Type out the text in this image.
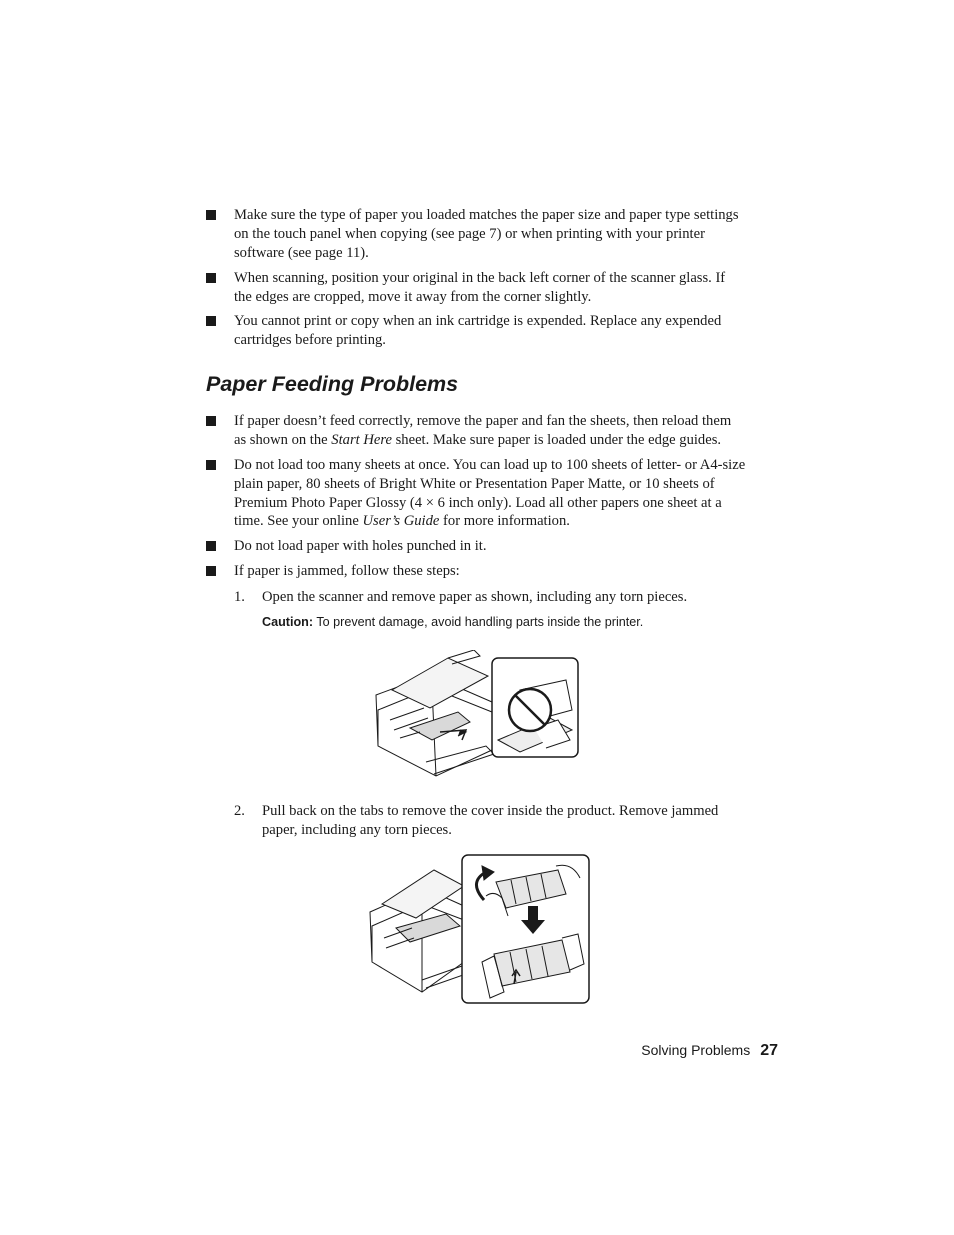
Make sure the type of paper you loaded matches the paper size and paper type settings on the touch panel when copying (see page 7) or when printing with your printer software (see page 11).
When scanning, position your original in the back left corner of the scanner glass. If the edges are cropped, move it away from the corner slightly.
You cannot print or copy when an ink cartridge is expended. Replace any expended cartridges before printing.
Paper Feeding Problems
If paper doesn’t feed correctly, remove the paper and fan the sheets, then reload them as shown on the Start Here sheet. Make sure paper is loaded under the edge guides.
Do not load too many sheets at once. You can load up to 100 sheets of letter- or A4-size plain paper, 80 sheets of Bright White or Presentation Paper Matte, or 10 sheets of Premium Photo Paper Glossy (4 × 6 inch only). Load all other papers one sheet at a time. See your online User’s Guide for more information.
Do not load paper with holes punched in it.
If paper is jammed, follow these steps:
1. Open the scanner and remove paper as shown, including any torn pieces.
Caution: To prevent damage, avoid handling parts inside the printer.
2. Pull back on the tabs to remove the cover inside the product. Remove jammed paper, including any torn pieces.
Solving Problems 27
